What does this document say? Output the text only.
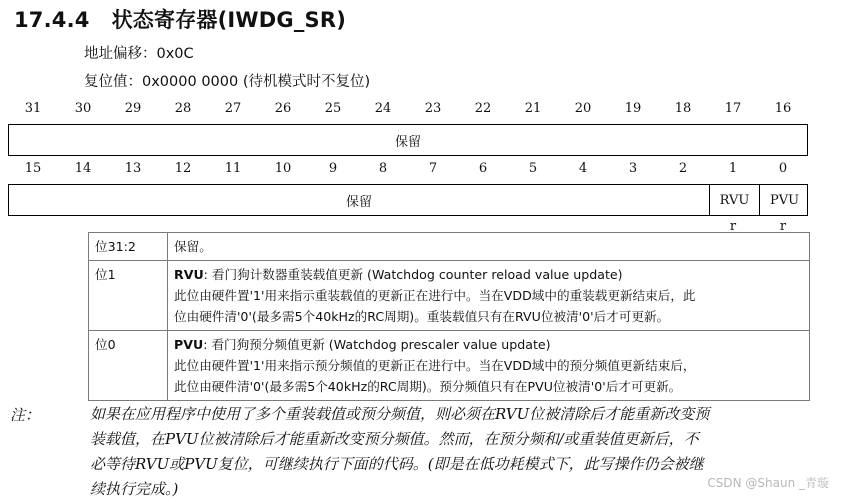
17.4.4 状态寄存器(IWDG_SR)
地址偏移：0x0C
复位值：0x0000 0000 (待机模式时不复位)
31	30	29	28	27	26	25	24	23	22	21	20	19	18	17	16
保留
15	14	13	12	11	10	9	8	7	6	5	4	3	2	1	0
保留	RVU	PVU
r	r
位31:2	保留。
位1	RVU: 看门狗计数器重装载值更新 (Watchdog counter reload value update)
此位由硬件置'1'用来指示重装载值的更新正在进行中。当在VDD域中的重装载更新结束后，此
位由硬件清'0'(最多需5个40kHz的RC周期)。重装载值只有在RVU位被清'0'后才可更新。

位0	PVU: 看门狗预分频值更新 (Watchdog prescaler value update)
此位由硬件置'1'用来指示预分频值的更新正在进行中。当在VDD域中的预分频值更新结束后，
此位由硬件清'0'(最多需5个40kHz的RC周期)。预分频值只有在PVU位被清'0'后才可更新。
注：	如果在应用程序中使用了多个重装载值或预分频值，则必须在RVU位被清除后才能重新改变预
装载值，在PVU位被清除后才能重新改变预分频值。然而，在预分频和/或重装值更新后，不
必等待RVU或PVU复位，可继续执行下面的代码。(即是在低功耗模式下，此写操作仍会被继
续执行完成。)	CSDN @Shaun _青璇
